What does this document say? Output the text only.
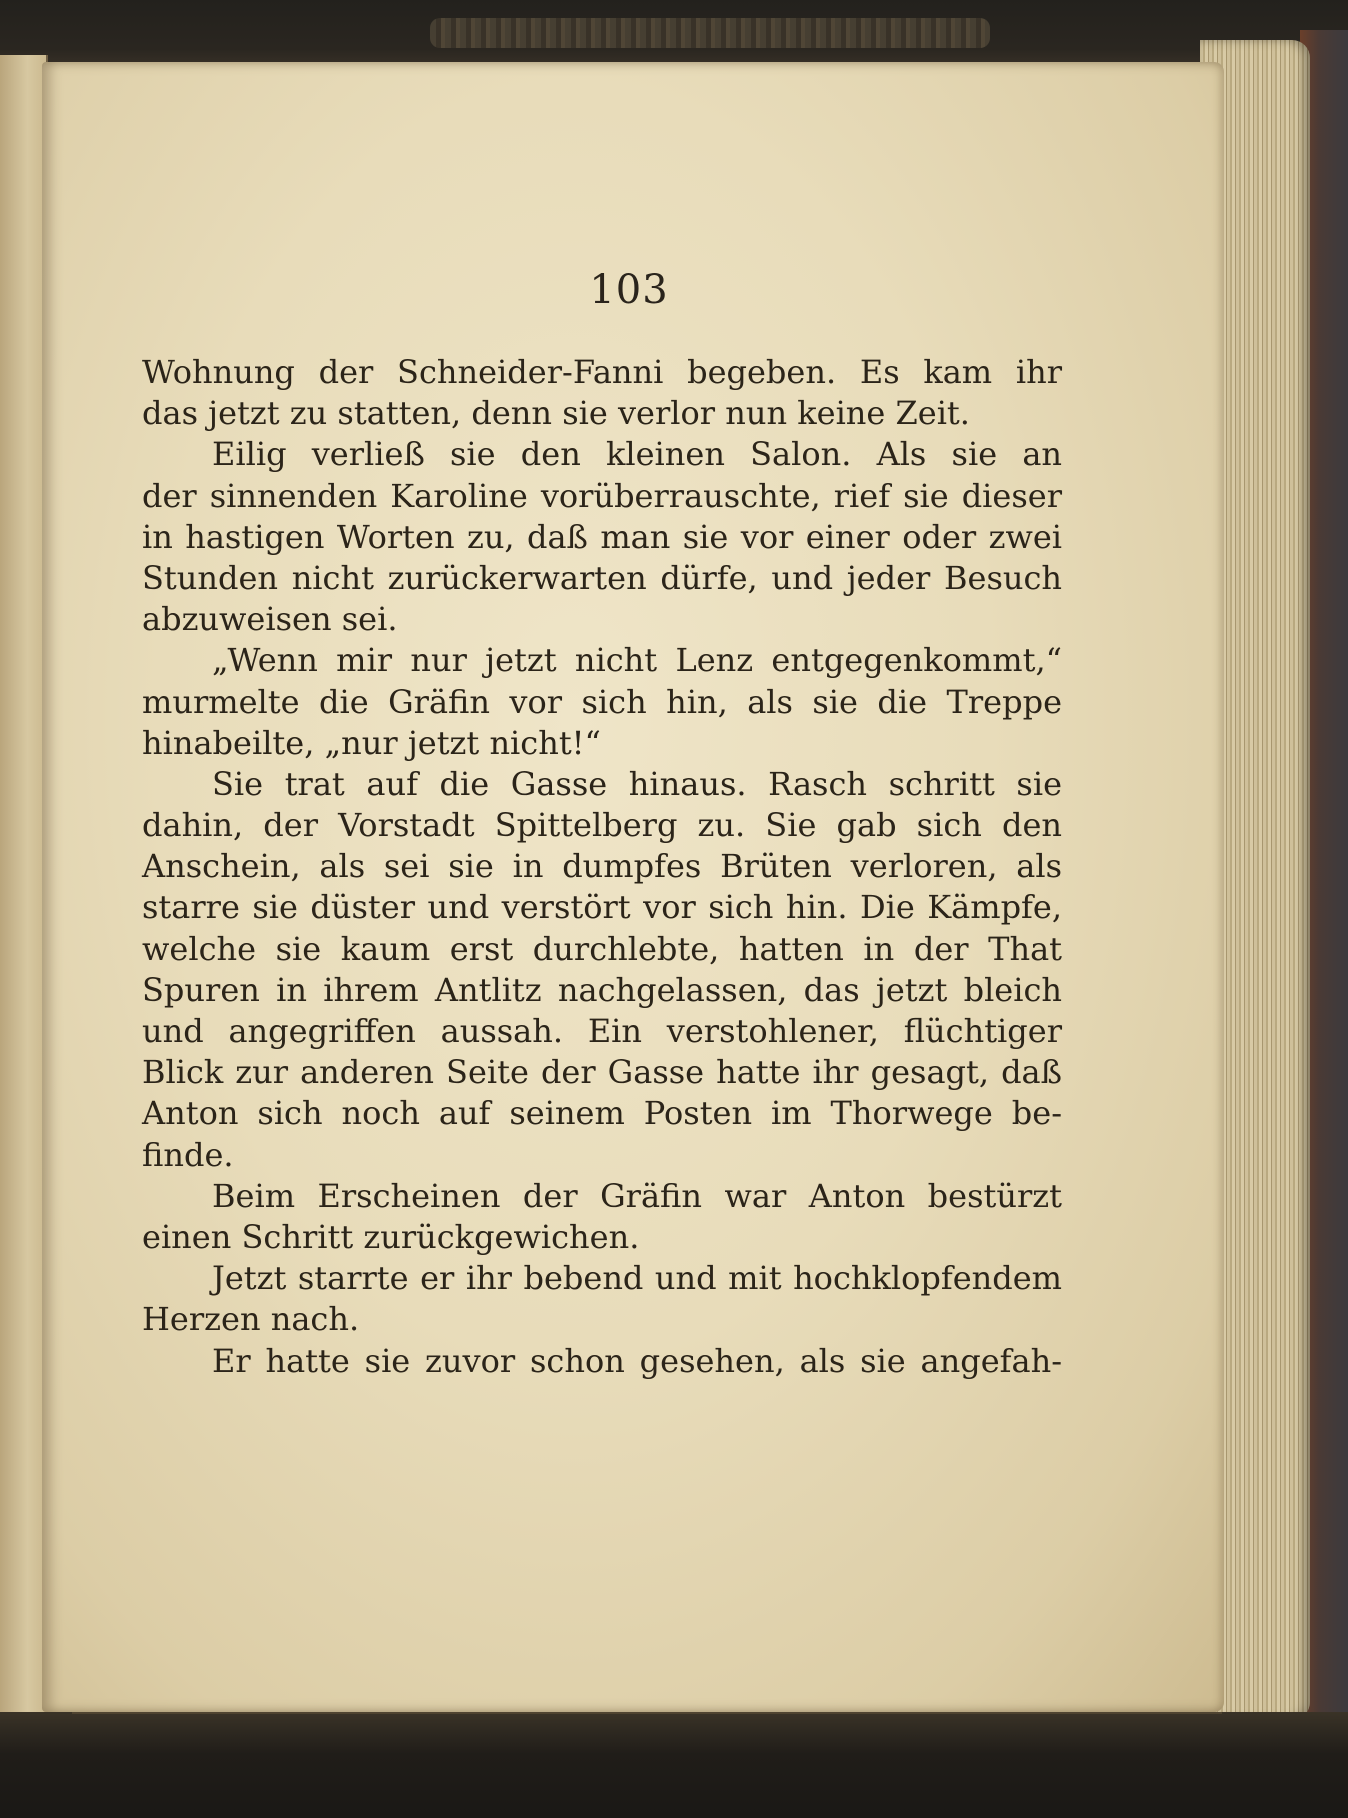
103
Wohnung der Schneider-Fanni begeben. Es kam ihr
das jetzt zu statten, denn sie verlor nun keine Zeit.
Eilig verließ sie den kleinen Salon. Als sie an
der sinnenden Karoline vorüberrauschte, rief sie dieser
in hastigen Worten zu, daß man sie vor einer oder zwei
Stunden nicht zurückerwarten dürfe, und jeder Besuch
abzuweisen sei.
„Wenn mir nur jetzt nicht Lenz entgegenkommt,“
murmelte die Gräfin vor sich hin, als sie die Treppe
hinabeilte, „nur jetzt nicht!“
Sie trat auf die Gasse hinaus. Rasch schritt sie
dahin, der Vorstadt Spittelberg zu. Sie gab sich den
Anschein, als sei sie in dumpfes Brüten verloren, als
starre sie düster und verstört vor sich hin. Die Kämpfe,
welche sie kaum erst durchlebte, hatten in der That
Spuren in ihrem Antlitz nachgelassen, das jetzt bleich
und angegriffen aussah. Ein verstohlener, flüchtiger
Blick zur anderen Seite der Gasse hatte ihr gesagt, daß
Anton sich noch auf seinem Posten im Thorwege be-
finde.
Beim Erscheinen der Gräfin war Anton bestürzt
einen Schritt zurückgewichen.
Jetzt starrte er ihr bebend und mit hochklopfendem
Herzen nach.
Er hatte sie zuvor schon gesehen, als sie angefah-
